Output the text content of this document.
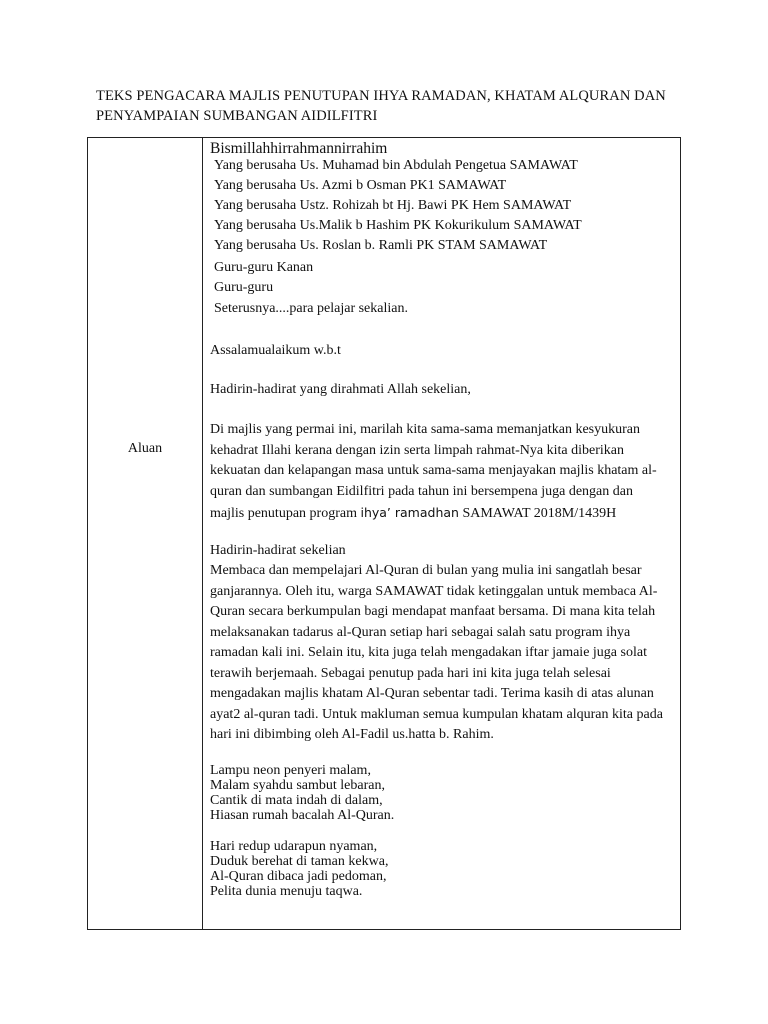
TEKS PENGACARA MAJLIS PENUTUPAN IHYA RAMADAN, KHATAM ALQURAN DAN
PENYAMPAIAN SUMBANGAN AIDILFITRI
Aluan
Bismillahhirrahmannirrahim
Yang berusaha Us. Muhamad bin Abdulah Pengetua SAMAWAT
Yang berusaha Us. Azmi b Osman PK1 SAMAWAT
Yang berusaha Ustz. Rohizah bt Hj. Bawi PK Hem SAMAWAT
Yang berusaha Us.Malik b Hashim PK Kokurikulum SAMAWAT
Yang berusaha Us. Roslan b. Ramli PK STAM SAMAWAT
Guru-guru Kanan
Guru-guru
Seterusnya....para pelajar sekalian.
Assalamualaikum w.b.t
Hadirin-hadirat yang dirahmati Allah sekelian,
Di majlis yang permai ini, marilah kita sama-sama memanjatkan kesyukuran
kehadrat Illahi kerana dengan izin serta limpah rahmat-Nya kita diberikan
kekuatan dan kelapangan masa untuk sama-sama menjayakan majlis khatam al-
quran dan sumbangan Eidilfitri pada tahun ini bersempena juga dengan dan
majlis penutupan program ihya’ ramadhan SAMAWAT 2018M/1439H
Hadirin-hadirat sekelian
Membaca dan mempelajari Al-Quran di bulan yang mulia ini sangatlah besar
ganjarannya. Oleh itu, warga SAMAWAT tidak ketinggalan untuk membaca Al-
Quran secara berkumpulan bagi mendapat manfaat bersama. Di mana kita telah
melaksanakan tadarus al-Quran setiap hari sebagai salah satu program ihya
ramadan kali ini. Selain itu, kita juga telah mengadakan iftar jamaie juga solat
terawih berjemaah. Sebagai penutup pada hari ini kita juga telah selesai
mengadakan majlis khatam Al-Quran sebentar tadi. Terima kasih di atas alunan
ayat2 al-quran tadi. Untuk makluman semua kumpulan khatam alquran kita pada
hari ini dibimbing oleh Al-Fadil us.hatta b. Rahim.
Lampu neon penyeri malam,
Malam syahdu sambut lebaran,
Cantik di mata indah di dalam,
Hiasan rumah bacalah Al-Quran.
Hari redup udarapun nyaman,
Duduk berehat di taman kekwa,
Al-Quran dibaca jadi pedoman,
Pelita dunia menuju taqwa.
